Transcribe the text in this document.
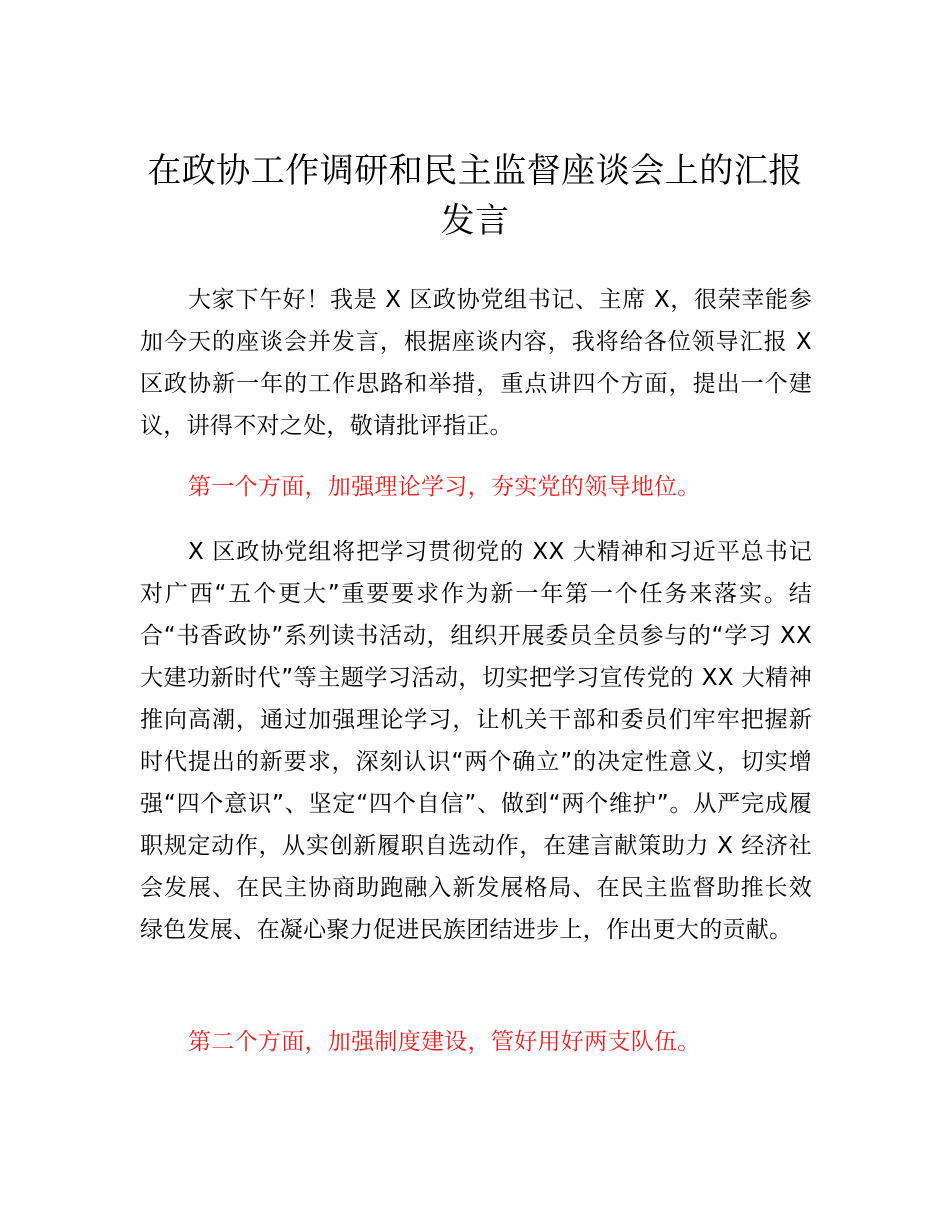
在政协工作调研和民主监督座谈会上的汇报
发言

大家下午好！我是 X 区政协党组书记、主席 X，很荣幸能参加今天的座谈会并发言，根据座谈内容，我将给各位领导汇报 X 区政协新一年的工作思路和举措，重点讲四个方面，提出一个建议，讲得不对之处，敬请批评指正。

第一个方面，加强理论学习，夯实党的领导地位。

X 区政协党组将把学习贯彻党的 XX 大精神和习近平总书记对广西“五个更大”重要要求作为新一年第一个任务来落实。结合“书香政协”系列读书活动，组织开展委员全员参与的“学习 XX 大建功新时代”等主题学习活动，切实把学习宣传党的 XX 大精神推向高潮，通过加强理论学习，让机关干部和委员们牢牢把握新时代提出的新要求，深刻认识“两个确立”的决定性意义，切实增强“四个意识”、坚定“四个自信”、做到“两个维护”。从严完成履职规定动作，从实创新履职自选动作，在建言献策助力 X 经济社会发展、在民主协商助跑融入新发展格局、在民主监督助推长效绿色发展、在凝心聚力促进民族团结进步上，作出更大的贡献。

第二个方面，加强制度建设，管好用好两支队伍。
